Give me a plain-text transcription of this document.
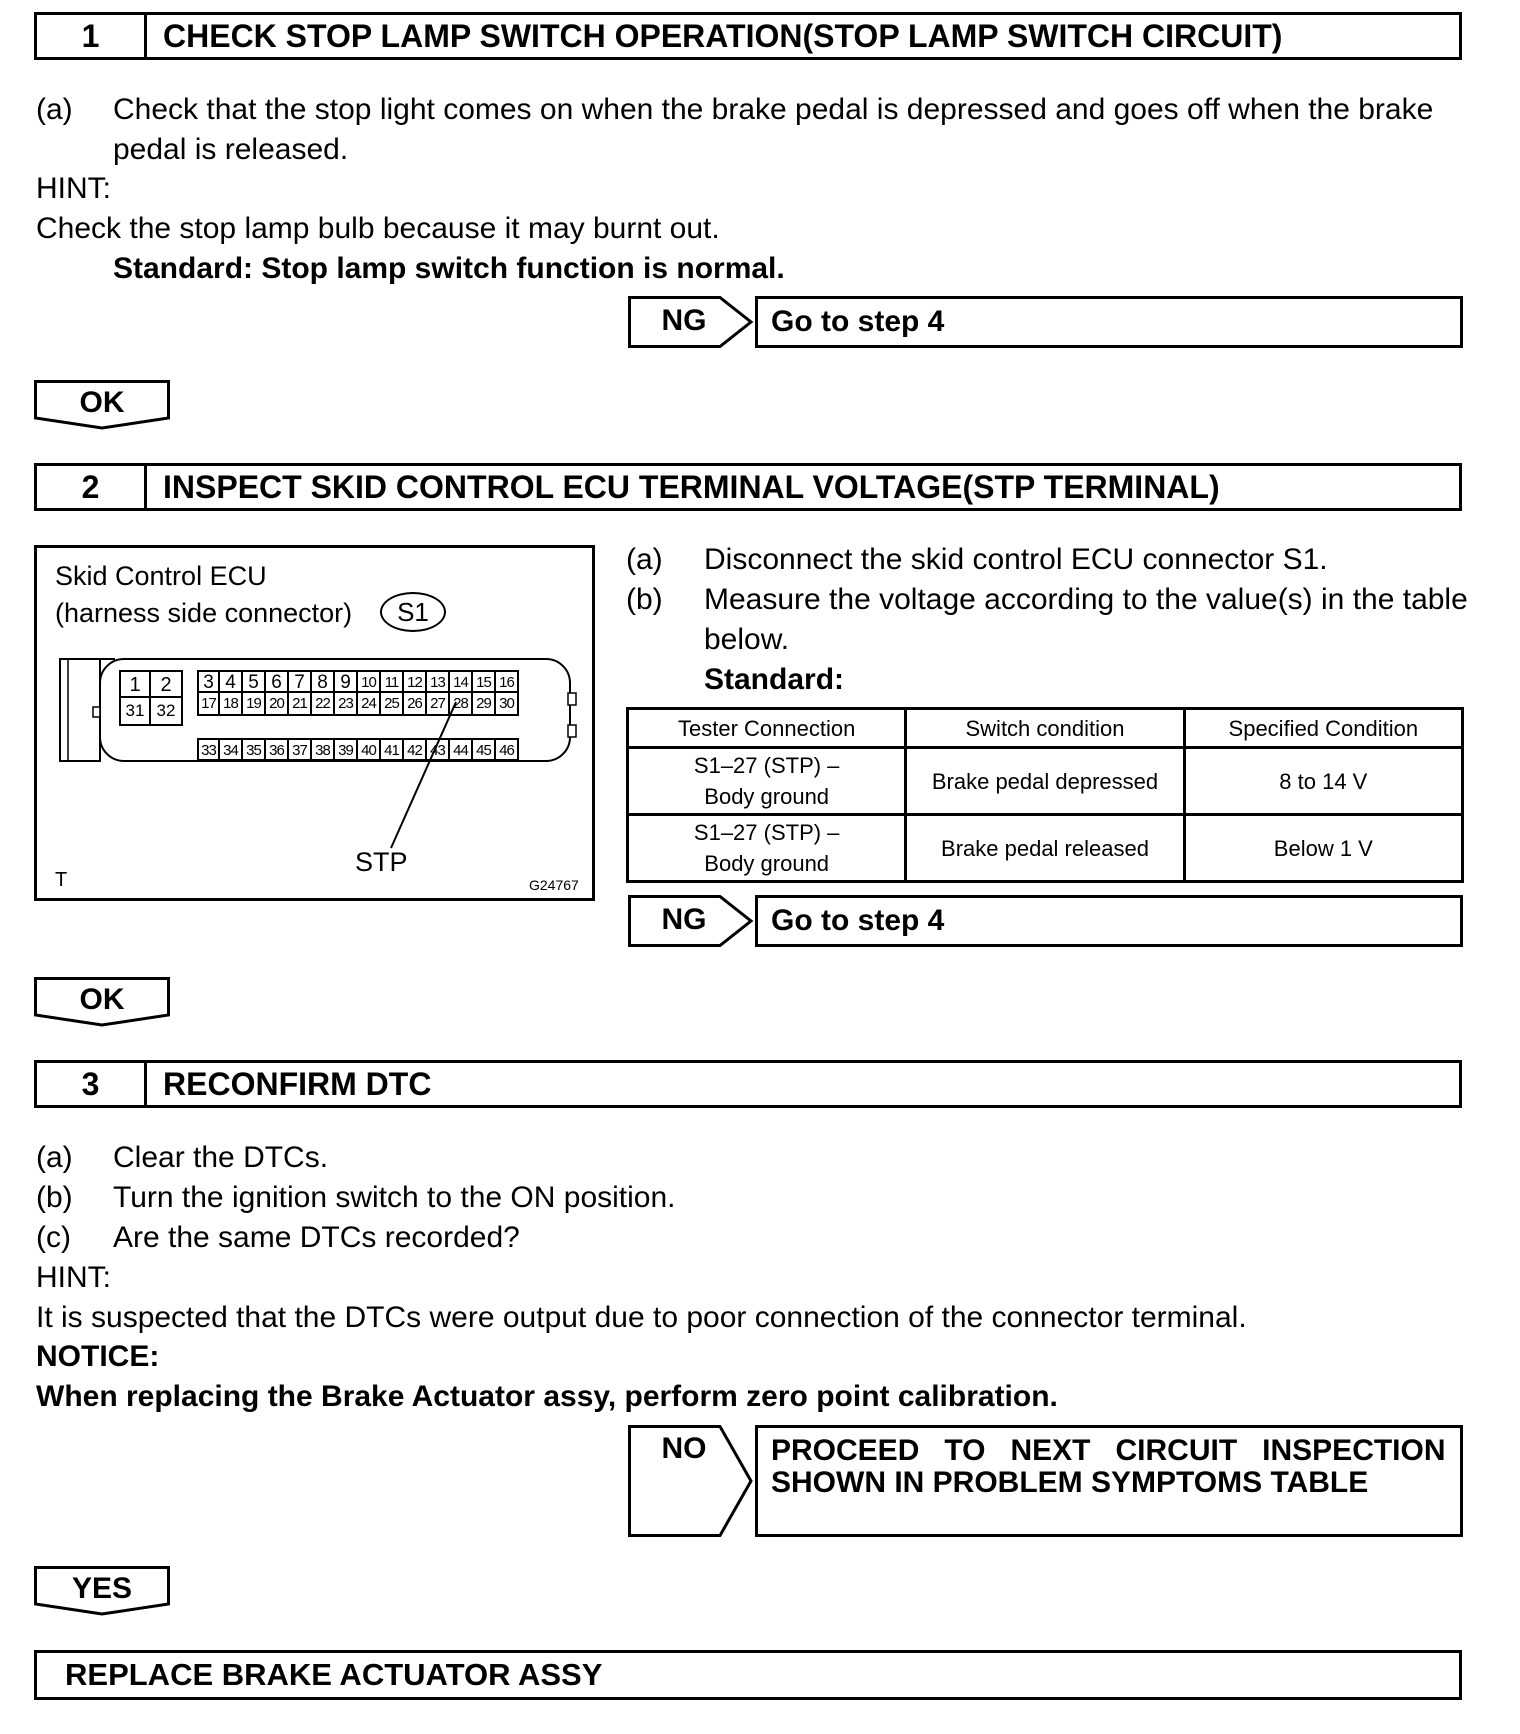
1	CHECK STOP LAMP SWITCH OPERATION(STOP LAMP SWITCH CIRCUIT)
(a) Check that the stop light comes on when the brake pedal is depressed and goes off when the brake
pedal is released.
HINT:
Check the stop lamp bulb because it may burnt out.
Standard: Stop lamp switch function is normal.
NG	Go to step 4
OK
2	INSPECT SKID CONTROL ECU TERMINAL VOLTAGE(STP TERMINAL)
Skid Control ECU
(harness side connector) S1
1 2
31 32
3 4 5 6 7 8 9 10 11 12 13 14 15 16
17 18 19 20 21 22 23 24 25 26 27 28 29 30
33 34 35 36 37 38 39 40 41 42 43 44 45 46
STP
T	G24767
(a) Disconnect the skid control ECU connector S1.
(b) Measure the voltage according to the value(s) in the table
below.
Standard:
Tester Connection	Switch condition	Specified Condition

S1–27 (STP) –
Body ground	Brake pedal depressed	8 to 14 V

S1–27 (STP) –
Body ground	Brake pedal released	Below 1 V
NG	Go to step 4
OK
3	RECONFIRM DTC
(a) Clear the DTCs.
(b) Turn the ignition switch to the ON position.
(c) Are the same DTCs recorded?
HINT:
It is suspected that the DTCs were output due to poor connection of the connector terminal.
NOTICE:
When replacing the Brake Actuator assy, perform zero point calibration.
NO	PROCEED   TO   NEXT   CIRCUIT   INSPECTION
SHOWN IN PROBLEM SYMPTOMS TABLE
YES
REPLACE BRAKE ACTUATOR ASSY
